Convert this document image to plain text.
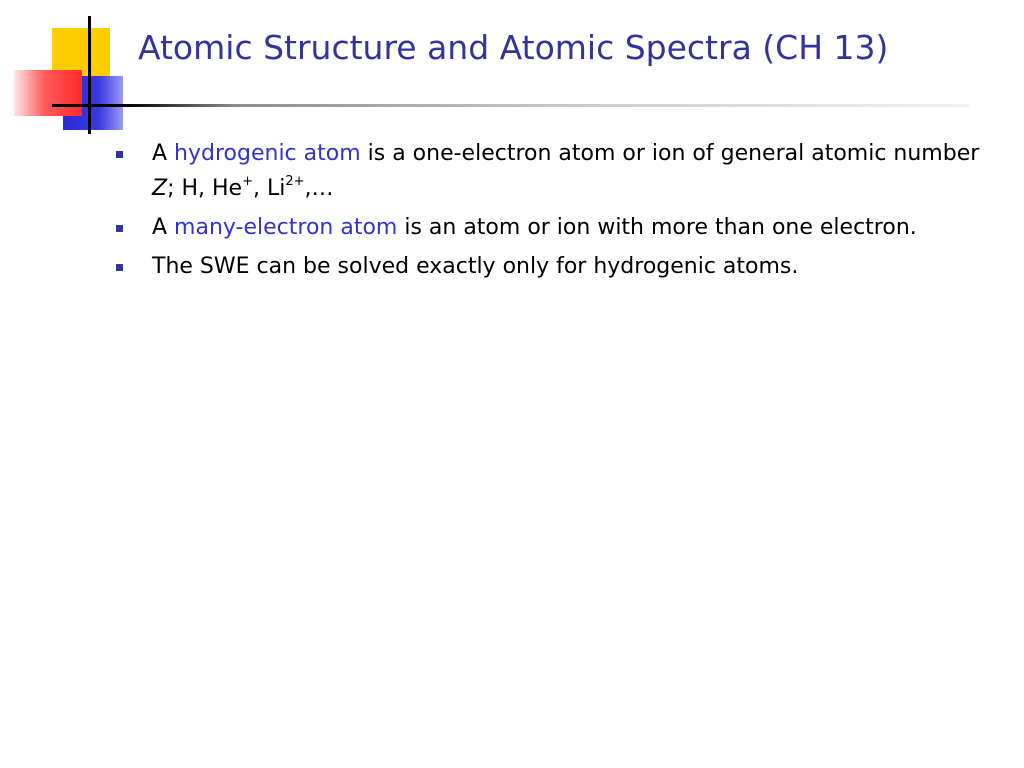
Atomic Structure and Atomic Spectra (CH 13)
A hydrogenic atom is a one-electron atom or ion of general atomic number Z; H, He+, $Li^{2+},\dots$
A many-electron atom is an atom or ion with more than one electron.
The SWE can be solved exactly only for hydrogenic atoms.
